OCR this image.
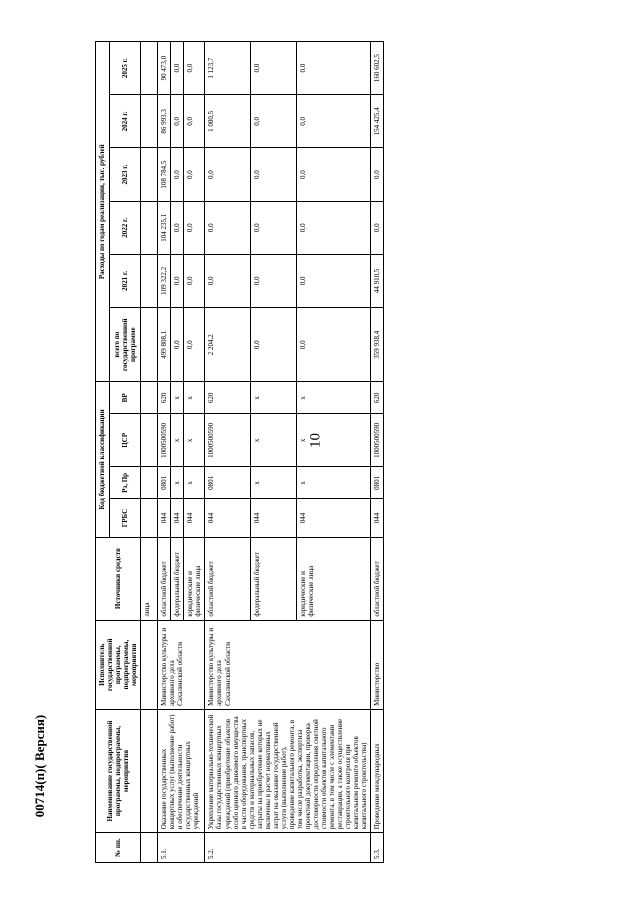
10
00714(п)( Версия)
№ пп.	Наименование государственной программы, подпрограммы, мероприятия	Исполнитель государственной программы, подпрограммы, мероприятия	Источники средств	Код бюджетной классификации				Расходы по годам реализации, тыс. рублей					
				ГРБС	Рз, Пр	ЦСР	ВР	всего по государственной программе	2021 г.	2022 г.	2023 г.	2024 г.	2025 г.
			лица										
5.1.	Оказание государственных концертных услуг (выполнение работ) и обеспечение деятельности государственных концертных учреждений	Министерство культуры и архивного дела Сахалинской области	областной бюджет	044	0801	1000500590	620	499 808,1	109 322,2	104 235,1	108 784,5	86 993,3	90 473,0
			федеральный бюджет	044	х	х	х	0,0	0,0	0,0	0,0	0,0	0,0
			юридические и физические лица	044	х	х	х	0,0	0,0	0,0	0,0	0,0	0,0
5.2.	Укрепление материально-технической базы государственных концертных учреждений (приобретение объектов особо ценного движимого имущества в части оборудования, транспортных средств и материальных запасов, затраты на приобретение которых не включены в расчет нормативных затрат на оказание государственной услуги (выполнение работ), проведение капитального ремонта, в том числе разработка, экспертиза проектной документации, проверка достоверности определения сметной стоимости объектов капитального ремонта, в том числе с элементами реставрации, а также осуществление строительного контроля при капитальном ремонте объектов капитального строительства)	Министерство культуры и архивного дела Сахалинской области	областной бюджет	044	0801	1000500590	620	2 204,2	0,0	0,0	0,0	1 080,5	1 123,7
			федеральный бюджет	044	х	х	х	0,0	0,0	0,0	0,0	0,0	0,0
			юридические и физические лица	044	х	х	х	0,0	0,0	0,0	0,0	0,0	0,0
5.3.	Проведение международных	Министерство	областной бюджет	044	0801	1000500590	620	359 938,4	44 910,5	0,0	0,0	154 425,4	160 602,5
